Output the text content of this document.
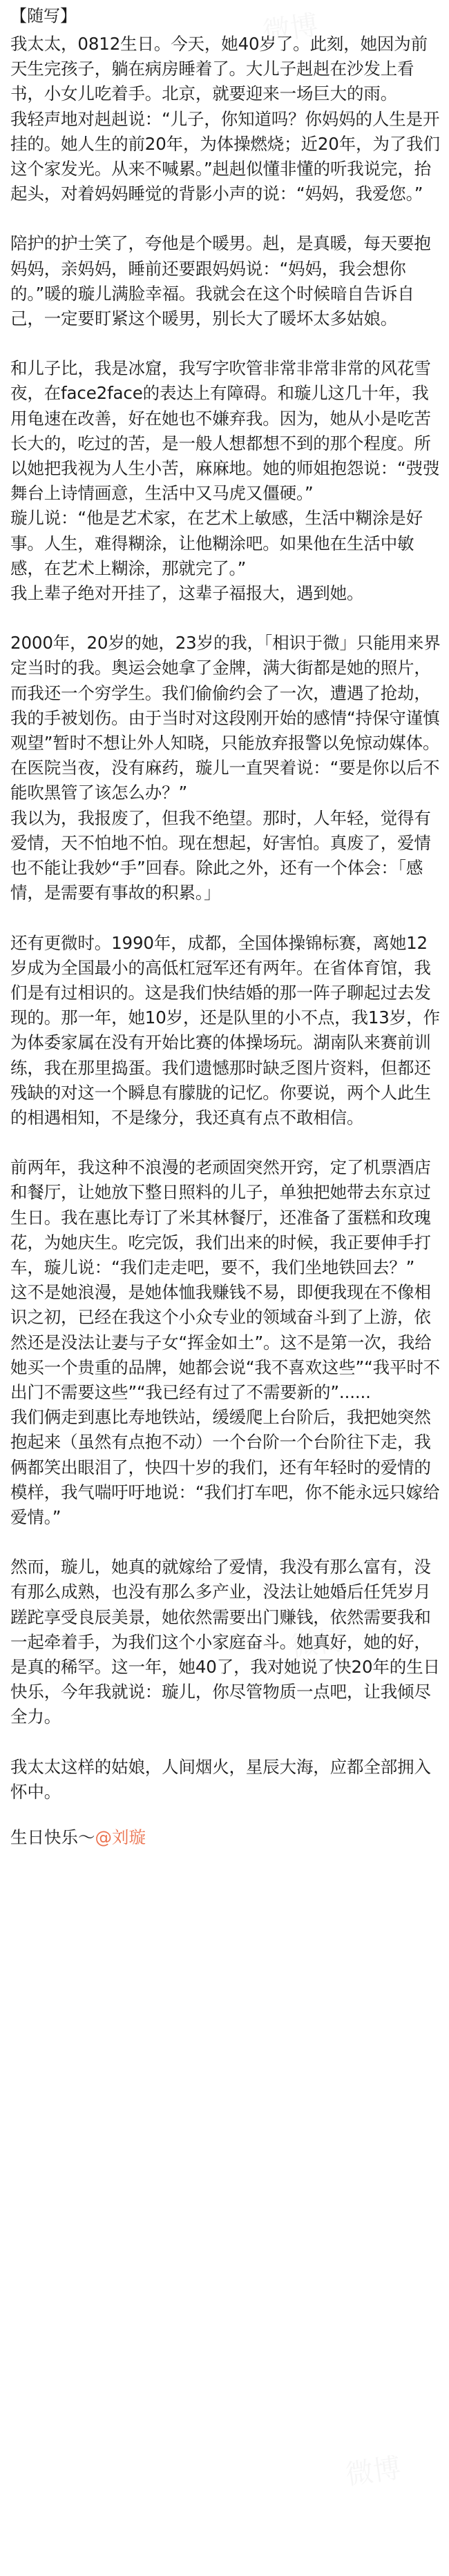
【随写】

我太太，0812生日。今天，她40岁了。此刻，她因为前天生完孩子，躺在病房睡着了。大儿子赳赳在沙发上看书，小女儿吃着手。北京，就要迎来一场巨大的雨。

我轻声地对赳赳说：“儿子，你知道吗？你妈妈的人生是开挂的。她人生的前20年，为体操燃烧；近20年，为了我们这个家发光。从来不喊累。”赳赳似懂非懂的听我说完，抬起头，对着妈妈睡觉的背影小声的说：“妈妈，我爱您。”

陪护的护士笑了，夸他是个暖男。赳，是真暖，每天要抱妈妈，亲妈妈，睡前还要跟妈妈说：“妈妈，我会想你的。”暖的璇儿满脸幸福。我就会在这个时候暗自告诉自己，一定要盯紧这个暖男，别长大了暖坏太多姑娘。

和儿子比，我是冰窟，我写字吹管非常非常非常的风花雪夜，在face2face的表达上有障碍。和璇儿这几十年，我用龟速在改善，好在她也不嫌弃我。因为，她从小是吃苦长大的，吃过的苦，是一般人想都想不到的那个程度。所以她把我视为人生小苦，麻麻地。她的师姐抱怨说：“弢弢舞台上诗情画意，生活中又马虎又僵硬。”

璇儿说：“他是艺术家，在艺术上敏感，生活中糊涂是好事。人生，难得糊涂，让他糊涂吧。如果他在生活中敏感，在艺术上糊涂，那就完了。”

我上辈子绝对开挂了，这辈子福报大，遇到她。

2000年，20岁的她，23岁的我，「相识于微」只能用来界定当时的我。奥运会她拿了金牌，满大街都是她的照片，而我还一个穷学生。我们偷偷约会了一次，遭遇了抢劫，我的手被划伤。由于当时对这段刚开始的感情“持保守谨慎观望”暂时不想让外人知晓，只能放弃报警以免惊动媒体。在医院当夜，没有麻药，璇儿一直哭着说：“要是你以后不能吹黑管了该怎么办？”

我以为，我报废了，但我不绝望。那时，人年轻，觉得有爱情，天不怕地不怕。现在想起，好害怕。真废了，爱情也不能让我妙“手”回春。除此之外，还有一个体会：「感情，是需要有事故的积累。」

还有更微时。1990年，成都，全国体操锦标赛，离她12岁成为全国最小的高低杠冠军还有两年。在省体育馆，我们是有过相识的。这是我们快结婚的那一阵子聊起过去发现的。那一年，她10岁，还是队里的小不点，我13岁，作为体委家属在没有开始比赛的体操场玩。湖南队来赛前训练，我在那里捣蛋。我们遗憾那时缺乏图片资料，但都还残缺的对这一个瞬息有朦胧的记忆。你要说，两个人此生的相遇相知，不是缘分，我还真有点不敢相信。

前两年，我这种不浪漫的老顽固突然开窍，定了机票酒店和餐厅，让她放下整日照料的儿子，单独把她带去东京过生日。我在惠比寿订了米其林餐厅，还准备了蛋糕和玫瑰花，为她庆生。吃完饭，我们出来的时候，我正要伸手打车，璇儿说：“我们走走吧，要不，我们坐地铁回去？”

这不是她浪漫，是她体恤我赚钱不易，即便我现在不像相识之初，已经在我这个小众专业的领域奋斗到了上游，依然还是没法让妻与子女“挥金如土”。这不是第一次，我给她买一个贵重的品牌，她都会说“我不喜欢这些”“我平时不出门不需要这些”“我已经有过了不需要新的”......

我们俩走到惠比寿地铁站，缓缓爬上台阶后，我把她突然抱起来（虽然有点抱不动）一个台阶一个台阶往下走，我俩都笑出眼泪了，快四十岁的我们，还有年轻时的爱情的模样，我气喘吁吁地说：“我们打车吧，你不能永远只嫁给爱情。”

然而，璇儿，她真的就嫁给了爱情，我没有那么富有，没有那么成熟，也没有那么多产业，没法让她婚后任凭岁月蹉跎享受良辰美景，她依然需要出门赚钱，依然需要我和一起牵着手，为我们这个小家庭奋斗。她真好，她的好，是真的稀罕。这一年，她40了，我对她说了快20年的生日快乐，今年我就说：璇儿，你尽管物质一点吧，让我倾尽全力。

我太太这样的姑娘，人间烟火，星辰大海，应都全部拥入怀中。

生日快乐～@刘璇
